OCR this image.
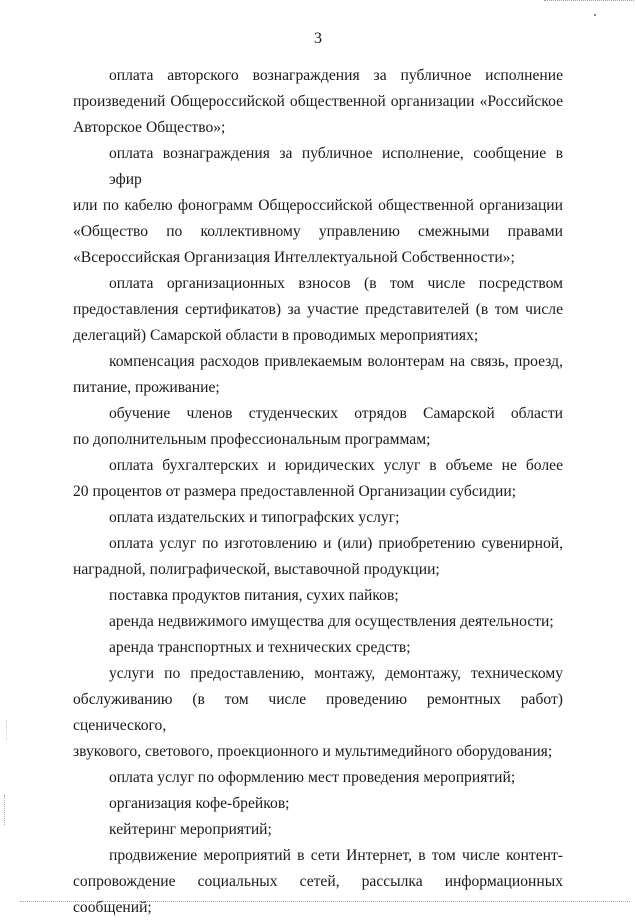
3
оплата авторского вознаграждения за публичное исполнение
произведений Общероссийской общественной организации «Российское
Авторское Общество»;
оплата вознаграждения за публичное исполнение, сообщение в эфир
или по кабелю фонограмм Общероссийской общественной организации
«Общество по коллективному управлению смежными правами
«Всероссийская Организация Интеллектуальной Собственности»;
оплата организационных взносов (в том числе посредством
предоставления сертификатов) за участие представителей (в том числе
делегаций) Самарской области в проводимых мероприятиях;
компенсация расходов привлекаемым волонтерам на связь, проезд,
питание, проживание;
обучение членов студенческих отрядов Самарской области
по дополнительным профессиональным программам;
оплата бухгалтерских и юридических услуг в объеме не более
20 процентов от размера предоставленной Организации субсидии;
оплата издательских и типографских услуг;
оплата услуг по изготовлению и (или) приобретению сувенирной,
наградной, полиграфической, выставочной продукции;
поставка продуктов питания, сухих пайков;
аренда недвижимого имущества для осуществления деятельности;
аренда транспортных и технических средств;
услуги по предоставлению, монтажу, демонтажу, техническому
обслуживанию (в том числе проведению ремонтных работ) сценического,
звукового, светового, проекционного и мультимедийного оборудования;
оплата услуг по оформлению мест проведения мероприятий;
организация кофе-брейков;
кейтеринг мероприятий;
продвижение мероприятий в сети Интернет, в том числе контент-
сопровождение социальных сетей, рассылка информационных сообщений;
